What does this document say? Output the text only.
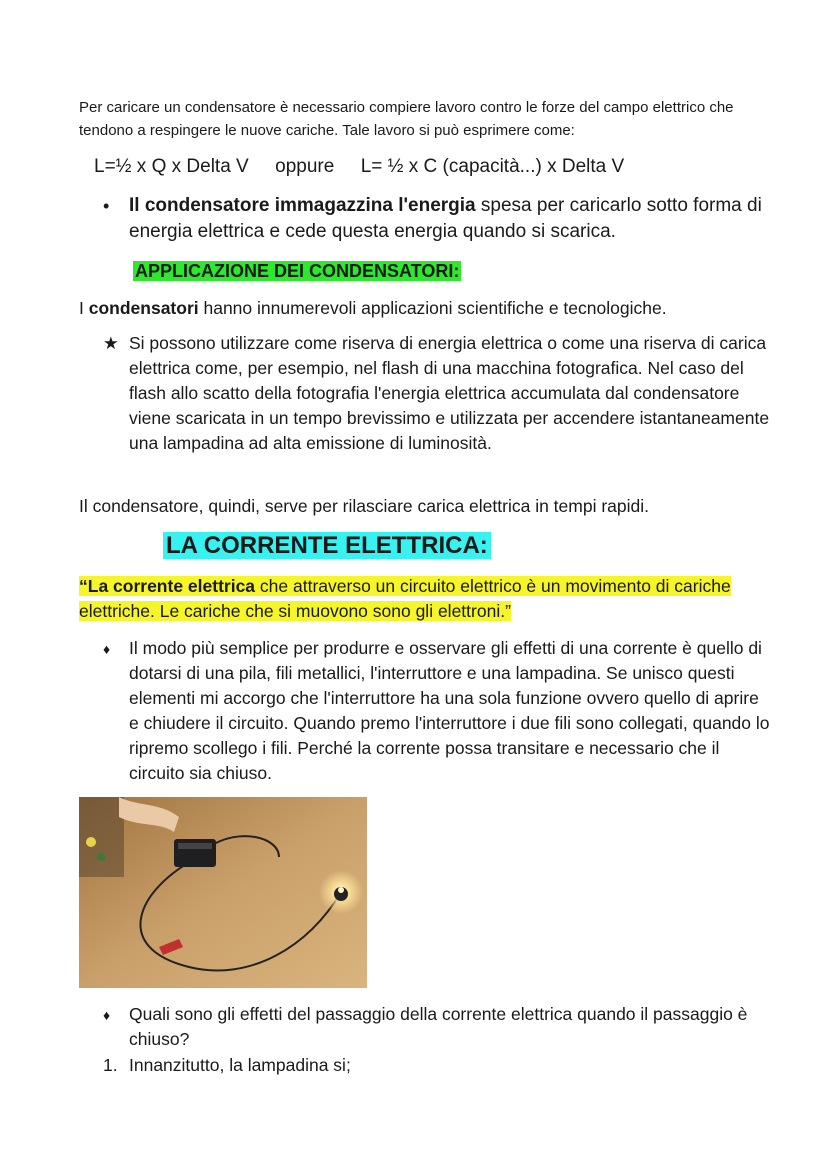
Per caricare un condensatore è necessario compiere lavoro contro le forze del campo elettrico che tendono a respingere le nuove cariche. Tale lavoro si può esprimere come:

L=½ x Q x Delta V oppure L= ½ x C (capacità...) x Delta V
•	Il condensatore immagazzina l'energia spesa per caricarlo sotto forma di energia elettrica e cede questa energia quando si scarica.
APPLICAZIONE DEI CONDENSATORI:
I condensatori hanno innumerevoli applicazioni scientifiche e tecnologiche.
★ Si possono utilizzare come riserva di energia elettrica o come una riserva di carica elettrica come, per esempio, nel flash di una macchina fotografica. Nel caso del flash allo scatto della fotografia l'energia elettrica accumulata dal condensatore viene scaricata in un tempo brevissimo e utilizzata per accendere istantaneamente una lampadina ad alta emissione di luminosità.
Il condensatore, quindi, serve per rilasciare carica elettrica in tempi rapidi.
LA CORRENTE ELETTRICA:
“La corrente elettrica che attraverso un circuito elettrico è un movimento di cariche elettriche. Le cariche che si muovono sono gli elettroni.”
♦	Il modo più semplice per produrre e osservare gli effetti di una corrente è quello di dotarsi di una pila, fili metallici, l'interruttore e una lampadina. Se unisco questi elementi mi accorgo che l'interruttore ha una sola funzione ovvero quello di aprire e chiudere il circuito. Quando premo l'interruttore i due fili sono collegati, quando lo ripremo scollego i fili. Perché la corrente possa transitare e necessario che il circuito sia chiuso.
♦	Quali sono gli effetti del passaggio della corrente elettrica quando il passaggio è chiuso?
1. Innanzitutto, la lampadina si;
